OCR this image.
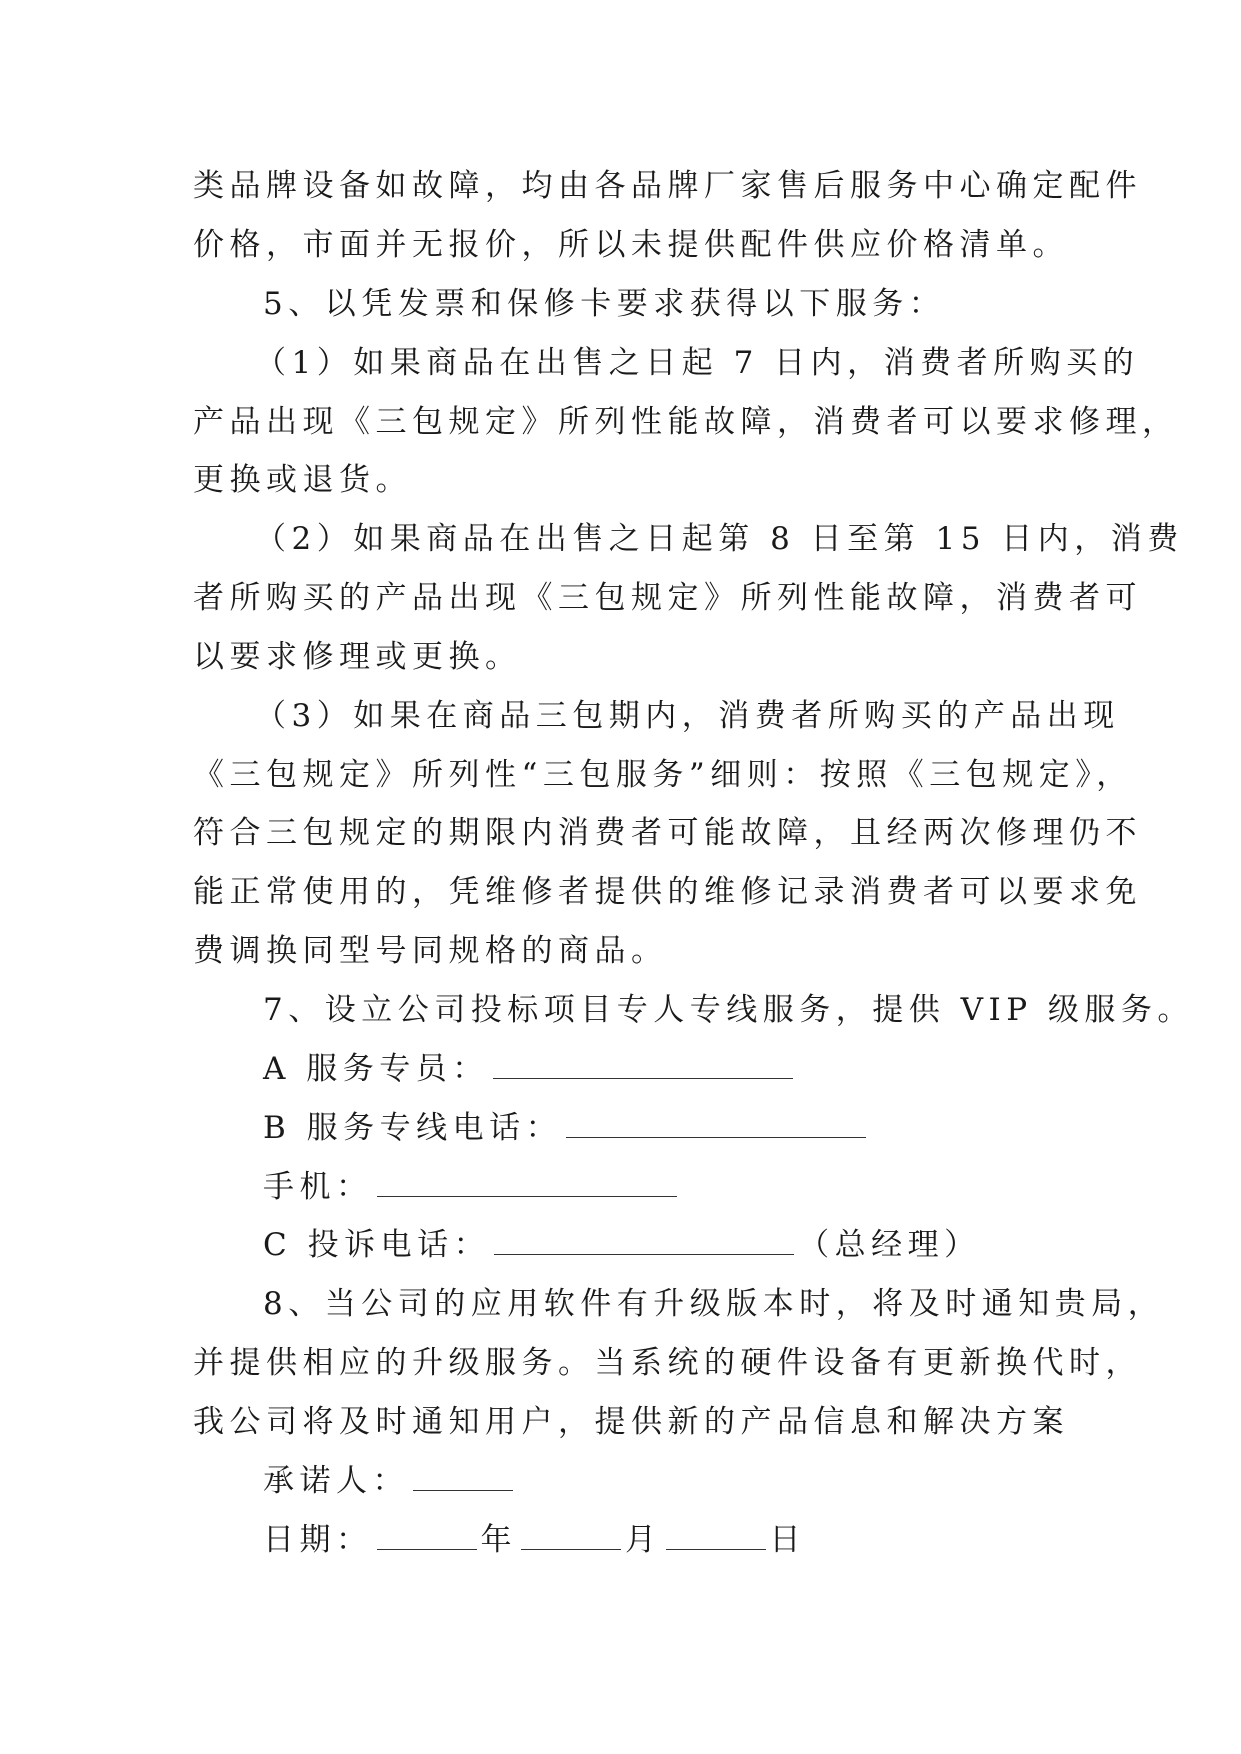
类品牌设备如故障，均由各品牌厂家售后服务中心确定配件
价格，市面并无报价，所以未提供配件供应价格清单。
5、以凭发票和保修卡要求获得以下服务：
（1）如果商品在出售之日起 7 日内，消费者所购买的
产品出现《三包规定》所列性能故障，消费者可以要求修理，
更换或退货。
（2）如果商品在出售之日起第 8 日至第 15 日内，消费
者所购买的产品出现《三包规定》所列性能故障，消费者可
以要求修理或更换。
（3）如果在商品三包期内，消费者所购买的产品出现
《三包规定》所列性“三包服务”细则：按照《三包规定》，
符合三包规定的期限内消费者可能故障，且经两次修理仍不
能正常使用的，凭维修者提供的维修记录消费者可以要求免
费调换同型号同规格的商品。
7、设立公司投标项目专人专线服务，提供 VIP 级服务。
A 服务专员：
B 服务专线电话：
手机：
C 投诉电话：	（总经理）
8、当公司的应用软件有升级版本时，将及时通知贵局，
并提供相应的升级服务。当系统的硬件设备有更新换代时，
我公司将及时通知用户，提供新的产品信息和解决方案
承诺人：
日期：	年	月	日
